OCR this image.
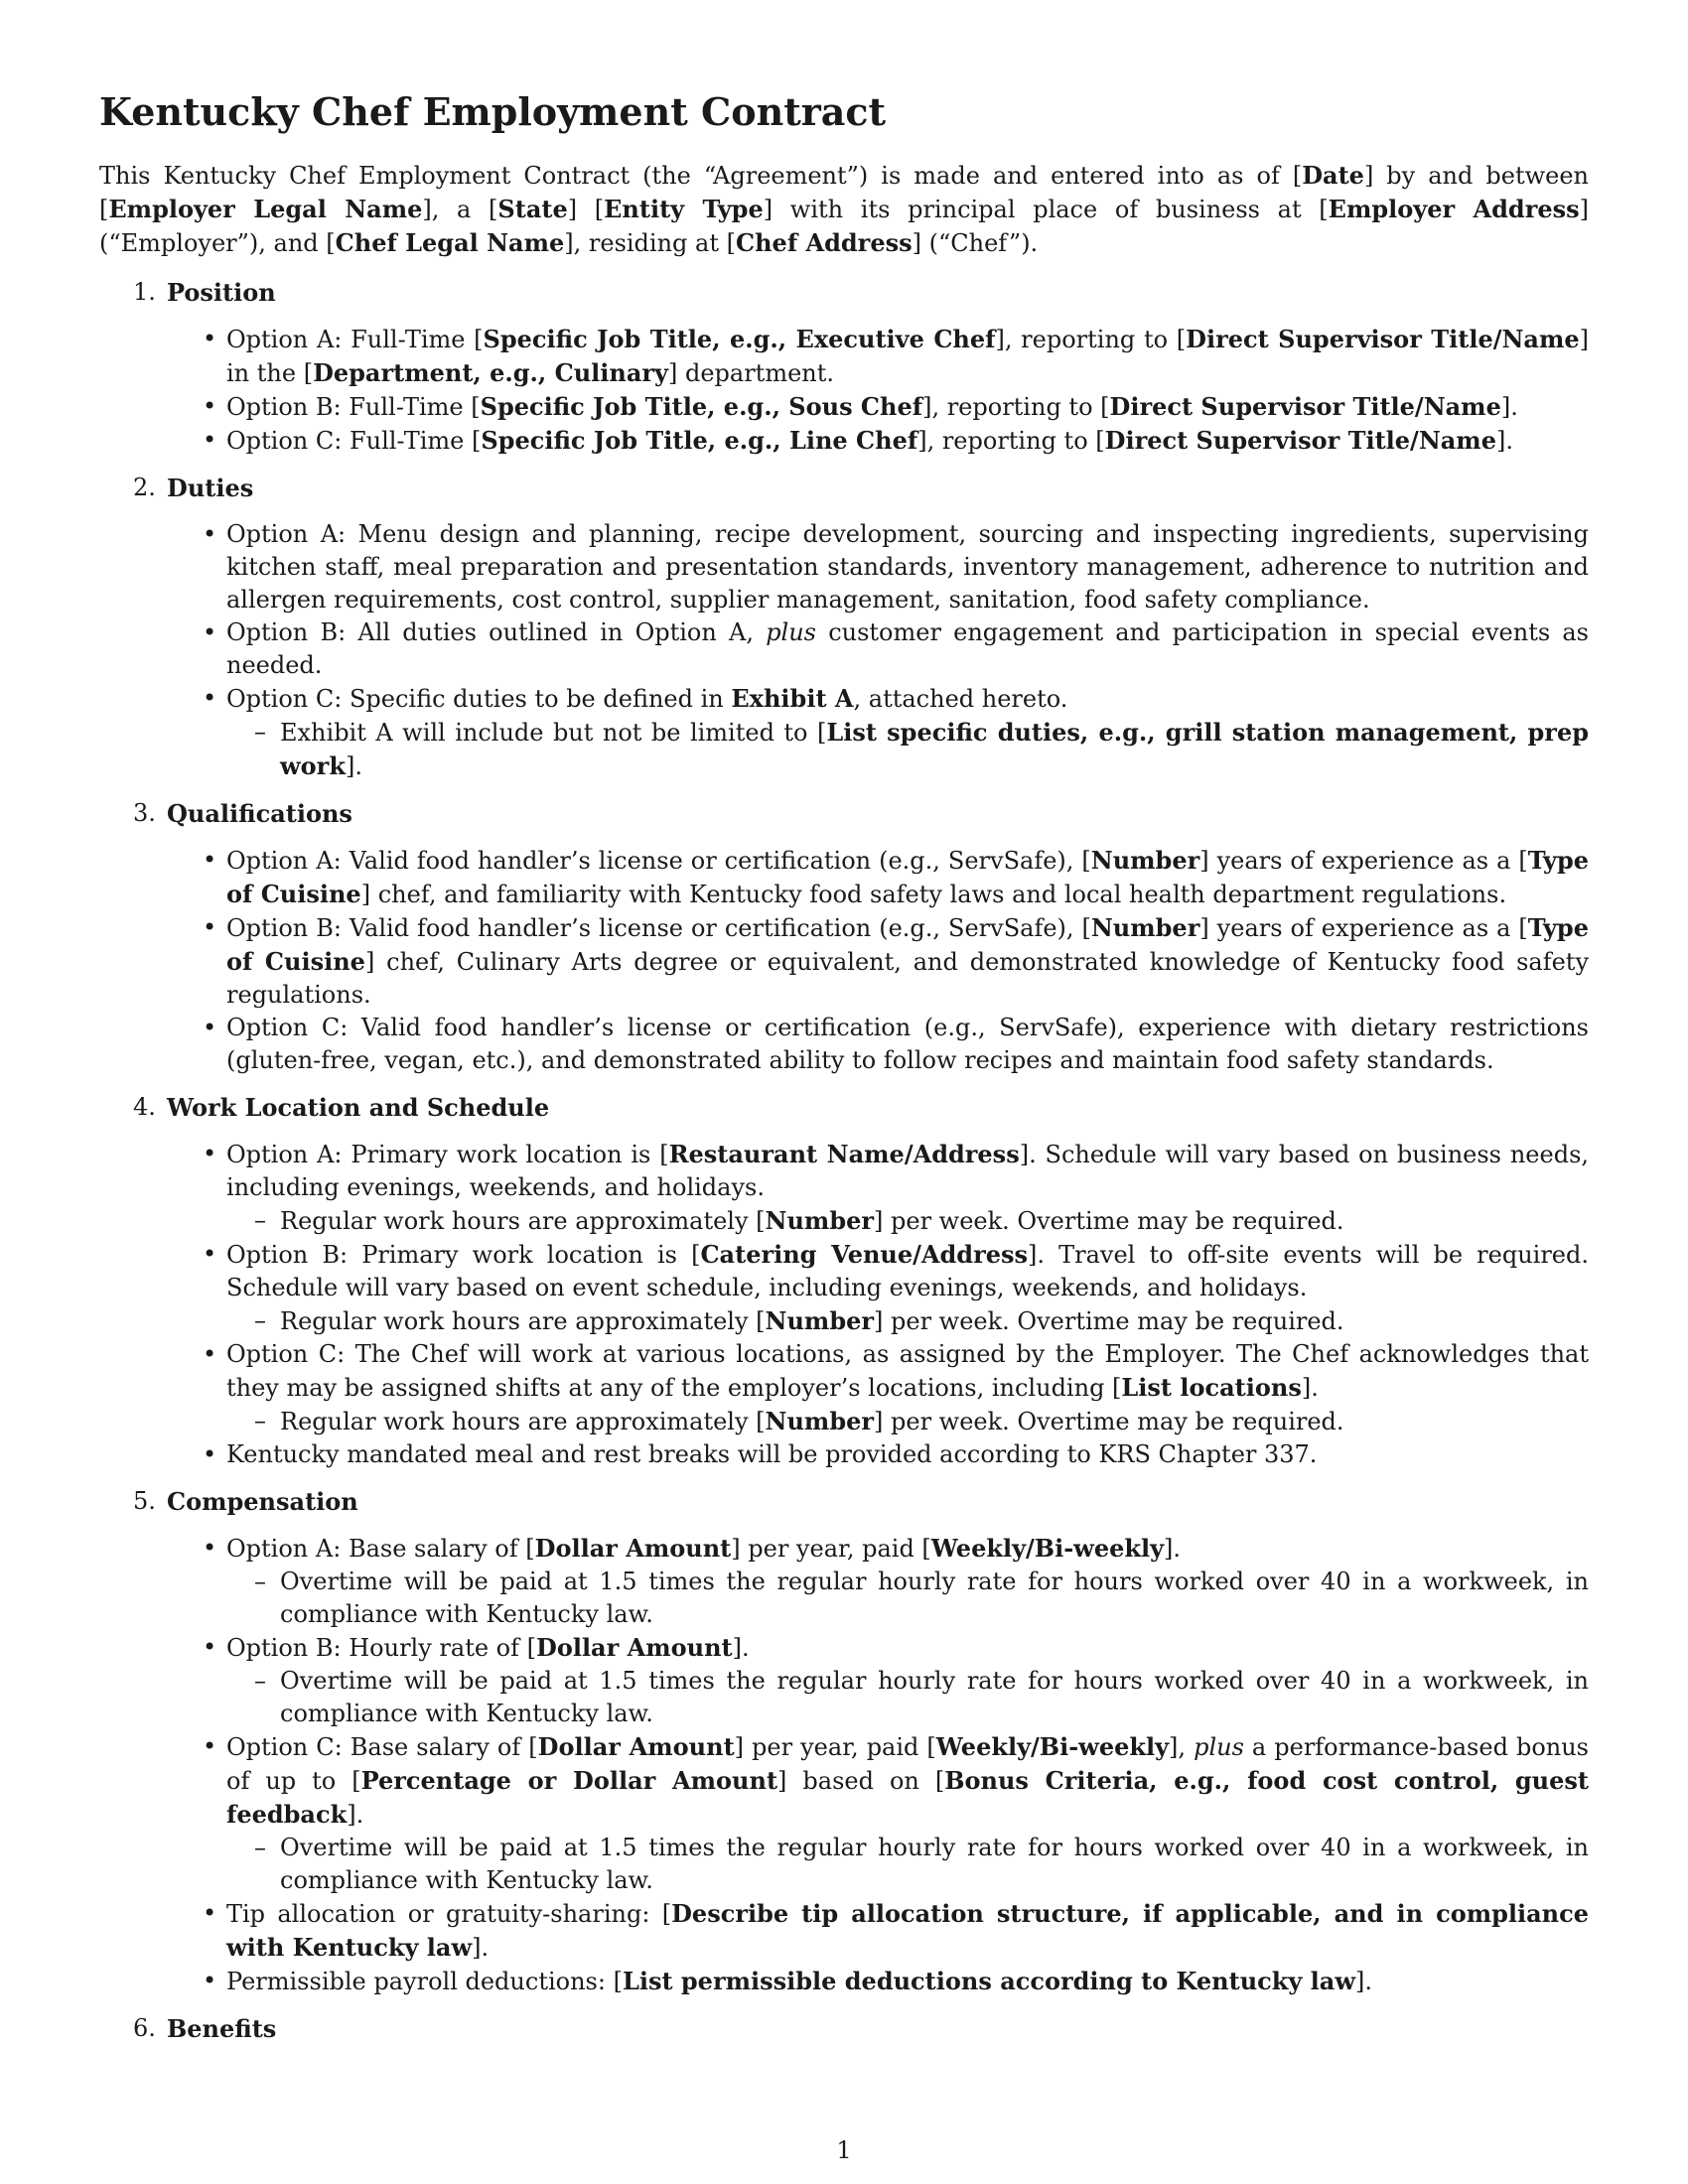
Kentucky Chef Employment Contract

This Kentucky Chef Employment Contract (the “Agreement”) is made and entered into as of [Date] by and between [Employer Legal Name], a [State] [Entity Type] with its principal place of business at [Employer Address] (“Employer”), and [Chef Legal Name], residing at [Chef Address] (“Chef”).

1. Position
• Option A: Full-Time [Specific Job Title, e.g., Executive Chef], reporting to [Direct Supervisor Title/Name] in the [Department, e.g., Culinary] department.
• Option B: Full-Time [Specific Job Title, e.g., Sous Chef], reporting to [Direct Supervisor Title/Name].
• Option C: Full-Time [Specific Job Title, e.g., Line Chef], reporting to [Direct Supervisor Title/Name].
2. Duties
• Option A: Menu design and planning, recipe development, sourcing and inspecting ingredients, supervising kitchen staff, meal preparation and presentation standards, inventory management, adherence to nutrition and allergen requirements, cost control, supplier management, sanitation, food safety compliance.
• Option B: All duties outlined in Option A, plus customer engagement and participation in special events as needed.
• Option C: Specific duties to be defined in Exhibit A, attached hereto.
– Exhibit A will include but not be limited to [List specific duties, e.g., grill station management, prep work].
3. Qualifications
• Option A: Valid food handler’s license or certification (e.g., ServSafe), [Number] years of experience as a [Type of Cuisine] chef, and familiarity with Kentucky food safety laws and local health department regulations.
• Option B: Valid food handler’s license or certification (e.g., ServSafe), [Number] years of experience as a [Type of Cuisine] chef, Culinary Arts degree or equivalent, and demonstrated knowledge of Kentucky food safety regulations.
• Option C: Valid food handler’s license or certification (e.g., ServSafe), experience with dietary restrictions (gluten-free, vegan, etc.), and demonstrated ability to follow recipes and maintain food safety standards.
4. Work Location and Schedule
• Option A: Primary work location is [Restaurant Name/Address]. Schedule will vary based on business needs, including evenings, weekends, and holidays.
– Regular work hours are approximately [Number] per week. Overtime may be required.
• Option B: Primary work location is [Catering Venue/Address]. Travel to off-site events will be required. Schedule will vary based on event schedule, including evenings, weekends, and holidays.
– Regular work hours are approximately [Number] per week. Overtime may be required.
• Option C: The Chef will work at various locations, as assigned by the Employer. The Chef acknowledges that they may be assigned shifts at any of the employer’s locations, including [List locations].
– Regular work hours are approximately [Number] per week. Overtime may be required.
• Kentucky mandated meal and rest breaks will be provided according to KRS Chapter 337.
5. Compensation
• Option A: Base salary of [Dollar Amount] per year, paid [Weekly/Bi-weekly].
– Overtime will be paid at 1.5 times the regular hourly rate for hours worked over 40 in a workweek, in compliance with Kentucky law.
• Option B: Hourly rate of [Dollar Amount].
– Overtime will be paid at 1.5 times the regular hourly rate for hours worked over 40 in a workweek, in compliance with Kentucky law.
• Option C: Base salary of [Dollar Amount] per year, paid [Weekly/Bi-weekly], plus a performance-based bonus of up to [Percentage or Dollar Amount] based on [Bonus Criteria, e.g., food cost control, guest feedback].
– Overtime will be paid at 1.5 times the regular hourly rate for hours worked over 40 in a workweek, in compliance with Kentucky law.
• Tip allocation or gratuity-sharing: [Describe tip allocation structure, if applicable, and in compliance with Kentucky law].
• Permissible payroll deductions: [List permissible deductions according to Kentucky law].
6. Benefits
1
